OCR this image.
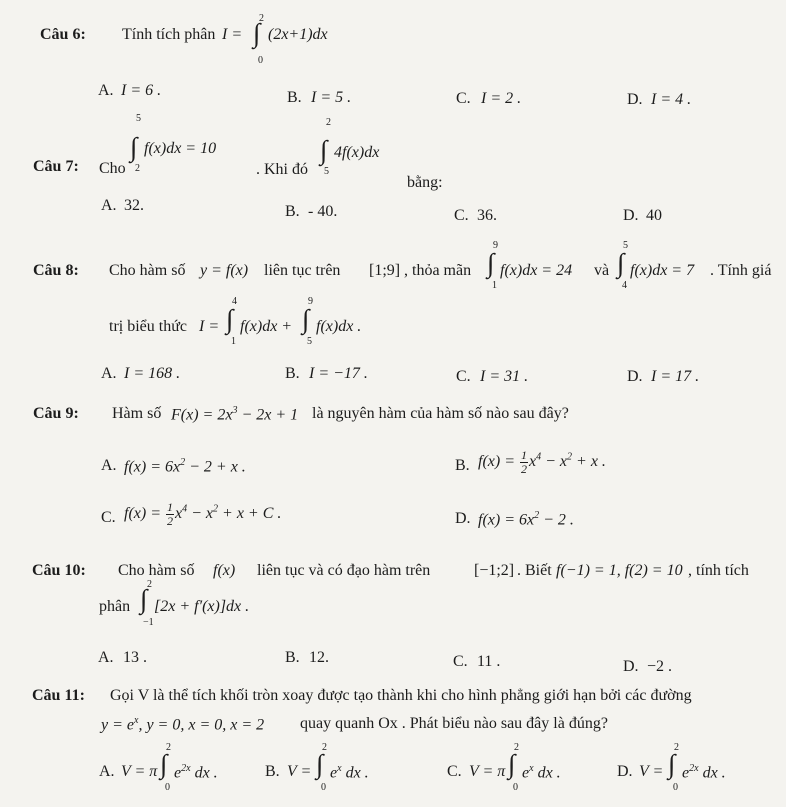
Câu 6: Tính tích phân I = ∫
2
0
(2x+1)dx
A. I = 6 .	B. I = 5 .	C. I = 2 .	D. I = 4 .
Câu 7: Cho
∫
5
2
f(x)dx = 10
. Khi đó
∫
2
5
4f(x)dx
bằng:
A. 32.	B. - 40.	C. 36.	D. 40
Câu 8: Cho hàm số y = f(x) liên tục trên [1;9] , thỏa mãn ∫
9
1
f(x)dx = 24 và ∫
5
4
f(x)dx = 7 . Tính giá
trị biểu thức I = ∫
4
1
f(x)dx + ∫
9
5
f(x)dx .
A. I = 168 .	B. I = −17 .	C. I = 31 .	D. I = 17 .
Câu 9: Hàm số $F(x) = 2x^3 - 2x + 1$ là nguyên hàm của hàm số nào sau đây?
A. $f(x) = 6x^2 - 2 + x$ .	B. $f(x) = \frac{1}{2} x^4 - x^2 + x$ .
C. $f(x) = \frac{1}{2} x^4 - x^2 + x + C$ .	D. $f(x) = 6x^2 - 2$ .
Câu 10: Cho hàm số f(x) liên tục và có đạo hàm trên	[−1;2] . Biết f(−1) = 1, f(2) = 10 , tính tích
phân ∫ 2
−1
[2x + f′(x)]dx .
A. 13 .	B. 12.	C. 11 .	D. −2 .
Câu 11: Gọi V là thể tích khối tròn xoay được tạo thành khi cho hình phẳng giới hạn bởi các đường
$y = e^x$, y = 0, x = 0, x = 2 quay quanh Ox . Phát biểu nào sau đây là đúng?
A. V = π ∫
2
0
$e^{2x}$ dx .	B. V = ∫
2
0
$e^x$ dx .	C. V = π ∫
2
0
$e^x$ dx .	D. V = ∫
2
0
$e^{2x}$ dx .
